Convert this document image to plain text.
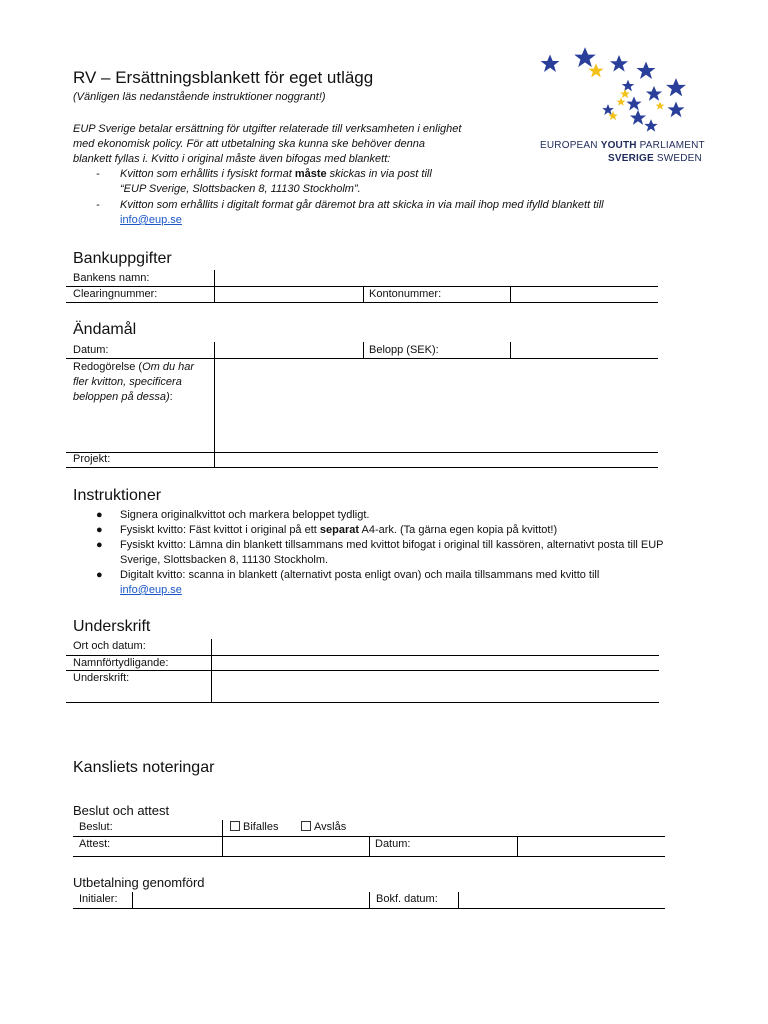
RV – Ersättningsblankett för eget utlägg
(Vänligen läs nedanstående instruktioner noggrant!)
EUP Sverige betalar ersättning för utgifter relaterade till verksamheten i enlighet med ekonomisk policy. För att utbetalning ska kunna ske behöver denna blankett fyllas i. Kvitto i original måste även bifogas med blankett:
- Kvitton som erhållits i fysiskt format måste skickas in via post till
“EUP Sverige, Slottsbacken 8, 11130 Stockholm”.
- Kvitton som erhållits i digitalt format går däremot bra att skicka in via mail ihop med ifylld blankett till
info@eup.se
EUROPEAN YOUTH PARLIAMENT
SVERIGE SWEDEN
Bankuppgifter
Bankens namn:
Clearingnummer:	Kontonummer:
Ändamål
Datum:	Belopp (SEK):
Redogörelse (Om du har fler kvitton, specificera beloppen på dessa):
Projekt:
Instruktioner
● Signera originalkvittot och markera beloppet tydligt.
● Fysiskt kvitto: Fäst kvittot i original på ett separat A4-ark. (Ta gärna egen kopia på kvittot!)
● Fysiskt kvitto: Lämna din blankett tillsammans med kvittot bifogat i original till kassören, alternativt posta till EUP Sverige, Slottsbacken 8, 11130 Stockholm.
● Digitalt kvitto: scanna in blankett (alternativt posta enligt ovan) och maila tillsammans med kvitto till
info@eup.se
Underskrift
Ort och datum:
Namnförtydligande:
Underskrift:
Kansliets noteringar
Beslut och attest
Beslut:	Bifalles	Avslås
Attest:	Datum:
Utbetalning genomförd
Initialer:	Bokf. datum:
